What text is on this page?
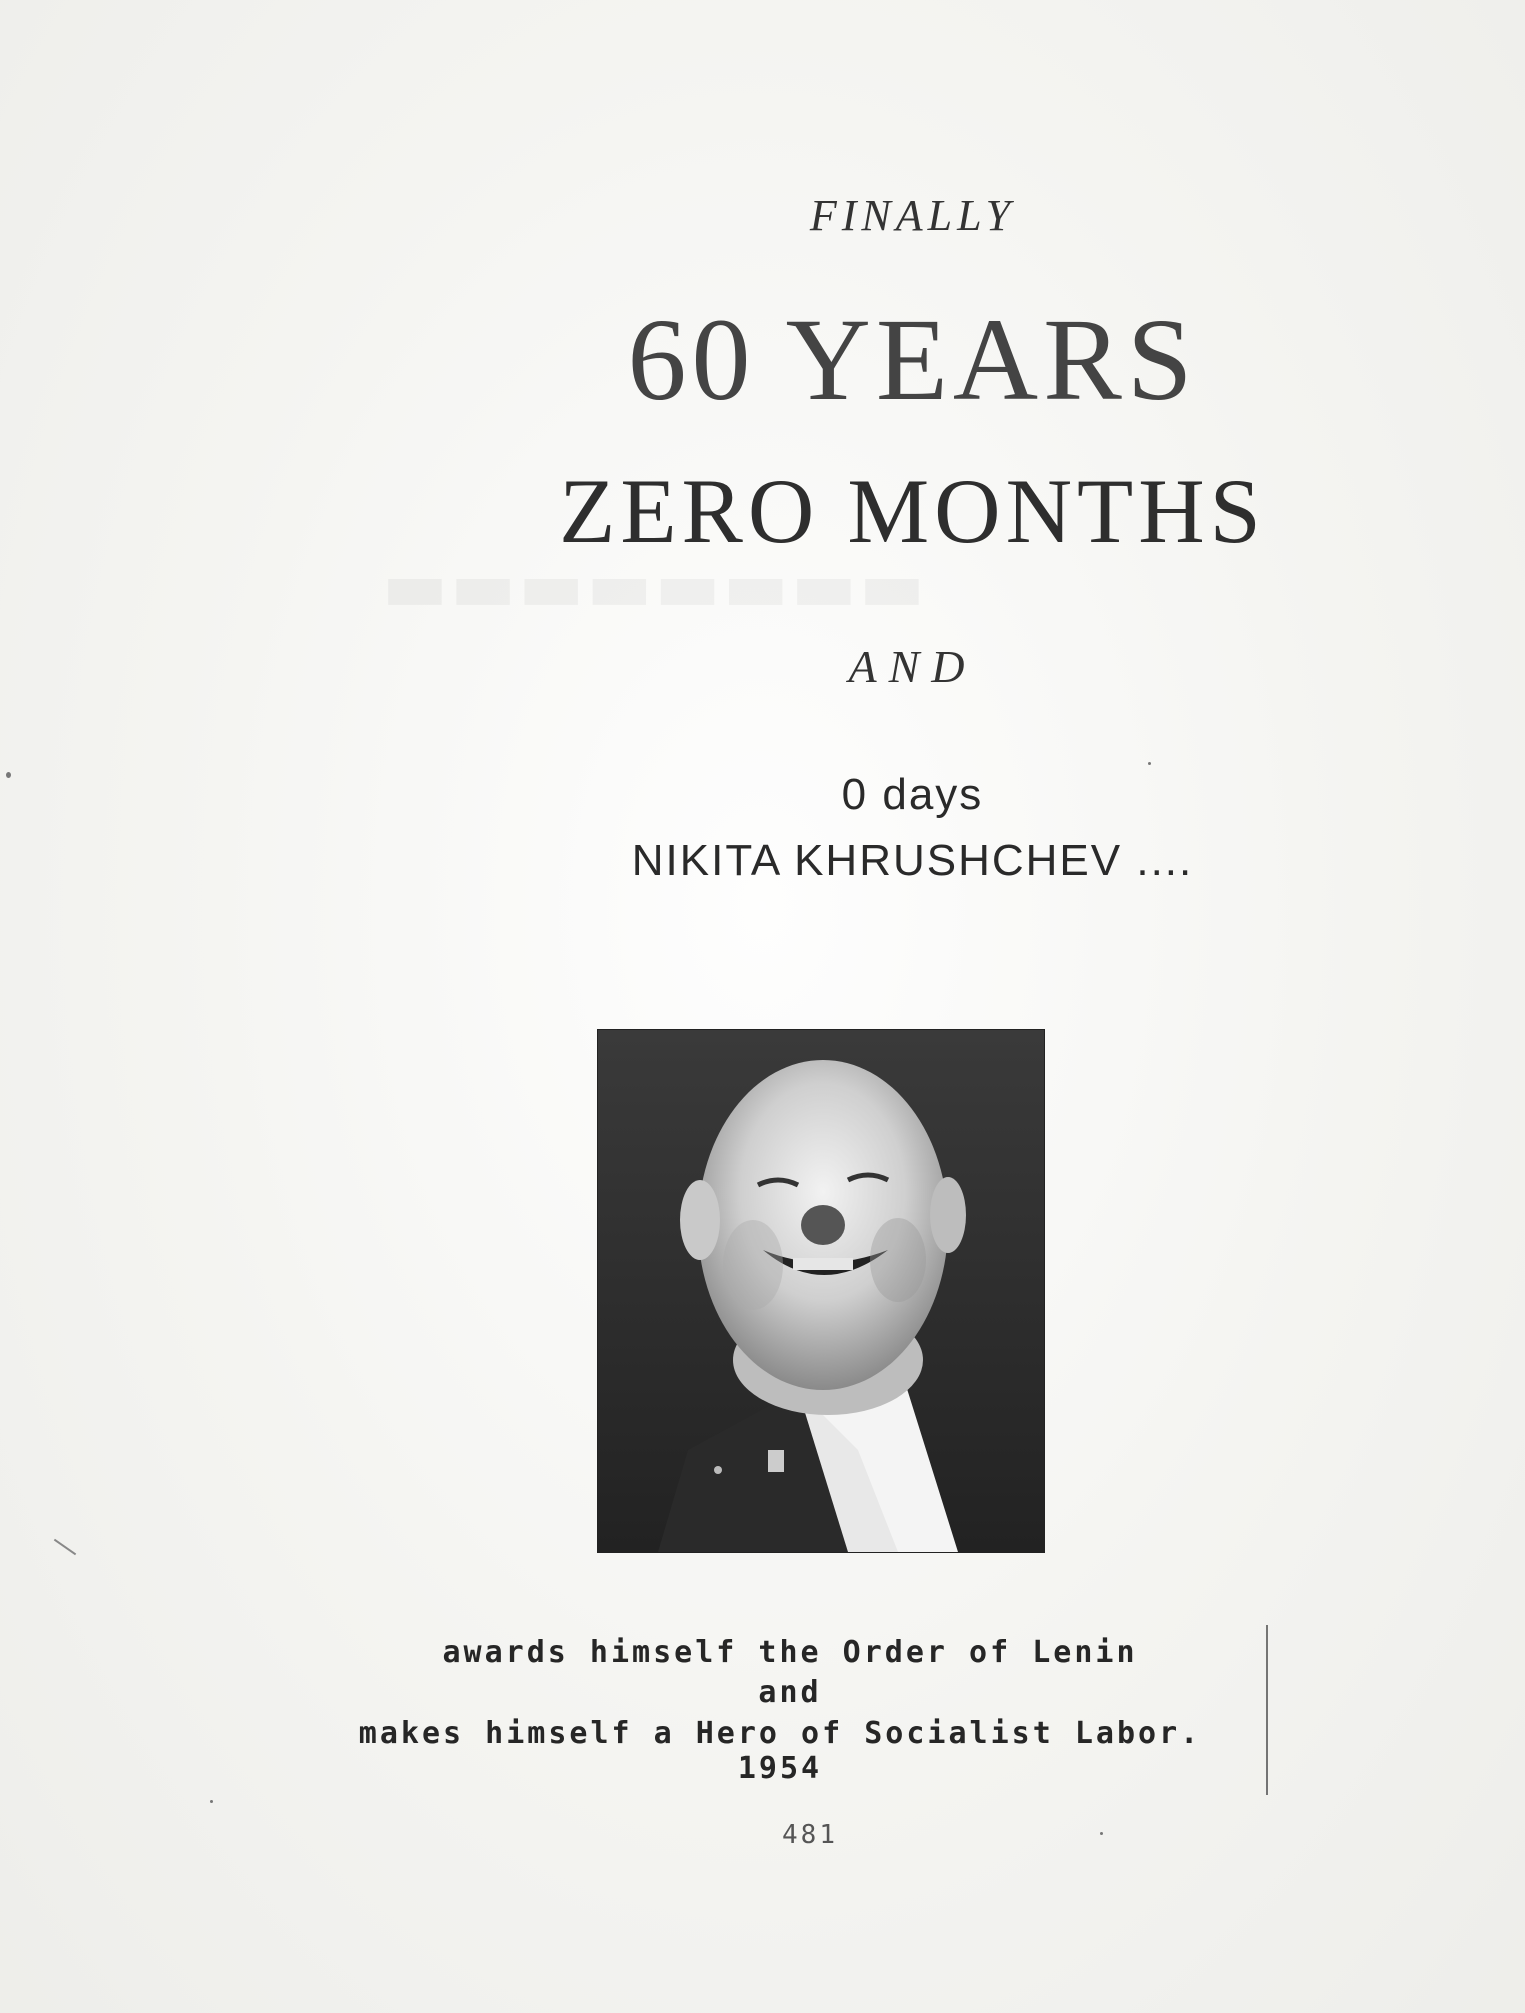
▬▬▬▬▬▬▬▬

FINALLY

60 YEARS

ZERO MONTHS

AND

0 days

NIKITA KHRUSHCHEV ....

awards himself the Order of Lenin

and

makes himself a Hero of Socialist Labor. 1954

481
